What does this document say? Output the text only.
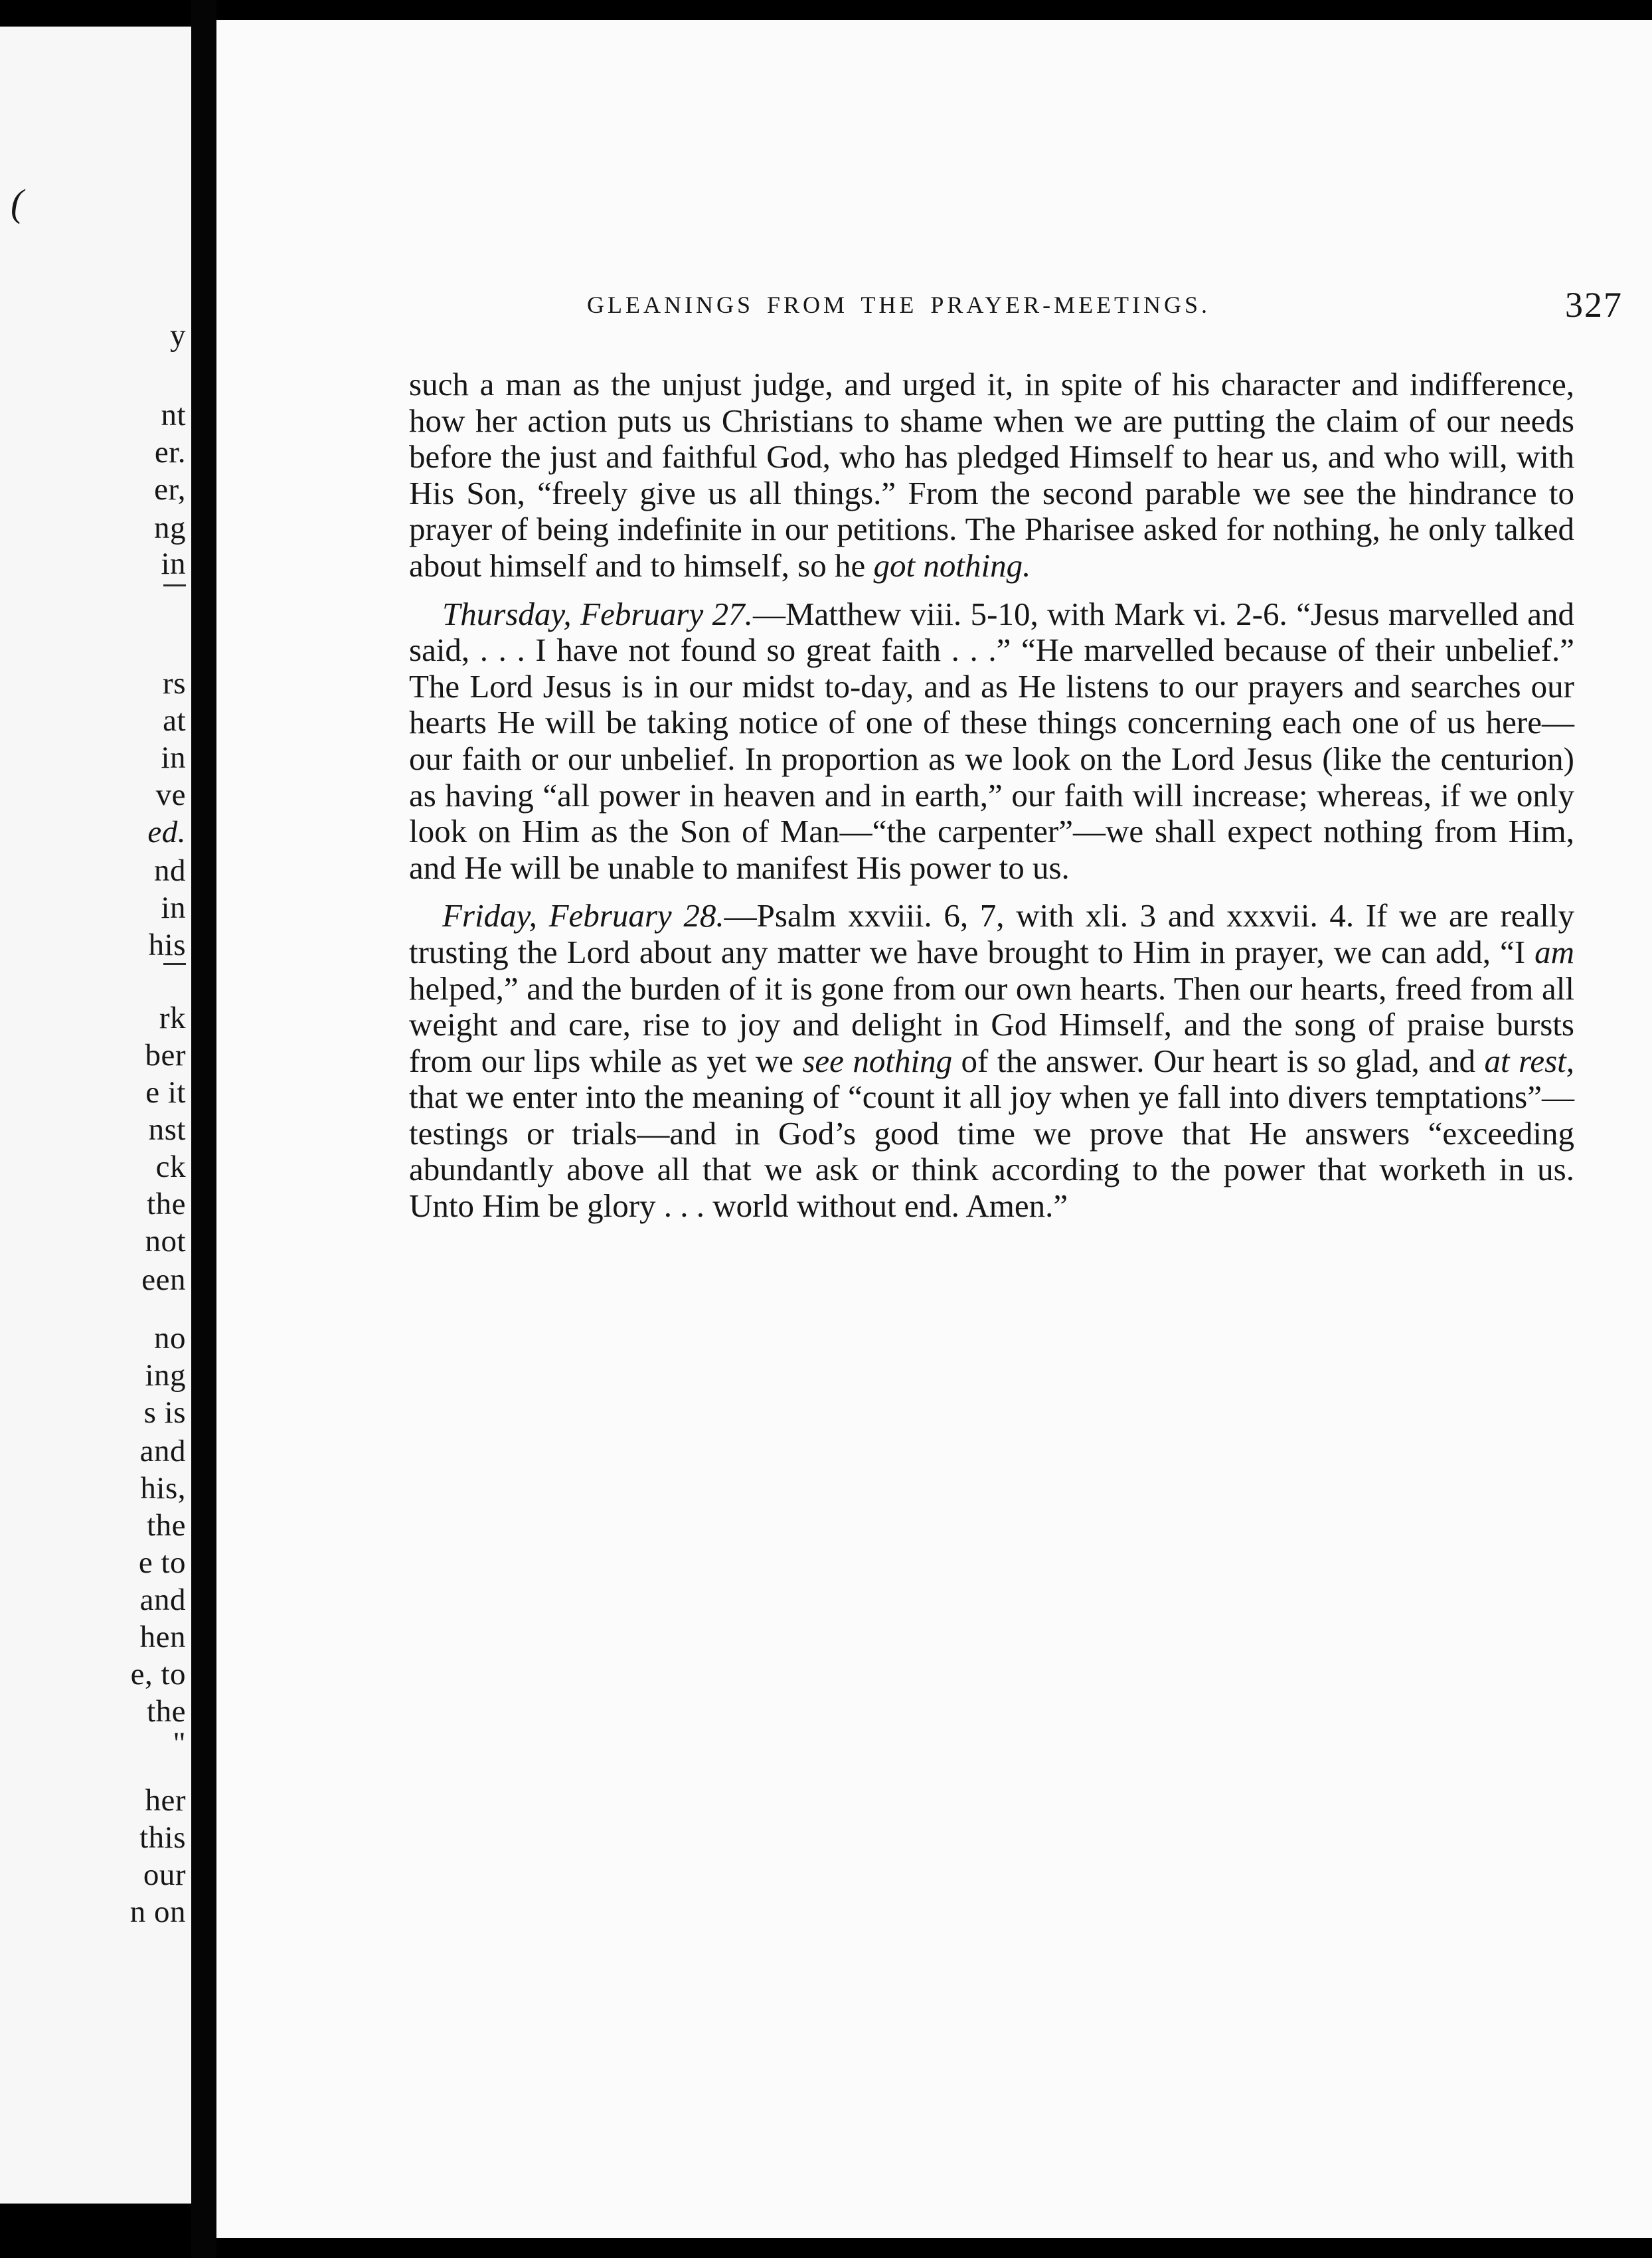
(
y
nt
er.
er,
ng
in
rs
at
in
ve
ed.
nd
in
his
rk
ber
e it
nst
ck
the
not
een
no
ing
s is
and
his,
the
e to
and
hen
e, to
the
"
her
this
our
n on
GLEANINGS FROM THE PRAYER-MEETINGS.	327

such a man as the unjust judge, and urged it, in spite of his character and indifference, how her action puts us Christians to shame when we are putting the claim of our needs before the just and faithful God, who has pledged Himself to hear us, and who will, with His Son, “freely give us all things.” From the second parable we see the hindrance to prayer of being indefinite in our petitions. The Pharisee asked for nothing, he only talked about himself and to himself, so he got nothing.

Thursday, February 27.—Matthew viii. 5-10, with Mark vi. 2-6. “Jesus marvelled and said, . . . I have not found so great faith . . .” “He marvelled because of their unbelief.” The Lord Jesus is in our midst to-day, and as He listens to our prayers and searches our hearts He will be taking notice of one of these things concerning each one of us here—our faith or our unbelief. In proportion as we look on the Lord Jesus (like the centurion) as having “all power in heaven and in earth,” our faith will increase; whereas, if we only look on Him as the Son of Man—“the carpenter”—we shall expect nothing from Him, and He will be unable to manifest His power to us.

Friday, February 28.—Psalm xxviii. 6, 7, with xli. 3 and xxxvii. 4. If we are really trusting the Lord about any matter we have brought to Him in prayer, we can add, “I am helped,” and the burden of it is gone from our own hearts. Then our hearts, freed from all weight and care, rise to joy and delight in God Himself, and the song of praise bursts from our lips while as yet we see nothing of the answer. Our heart is so glad, and at rest, that we enter into the meaning of “count it all joy when ye fall into divers temptations”—testings or trials—and in God’s good time we prove that He answers “exceeding abundantly above all that we ask or think according to the power that worketh in us. Unto Him be glory . . . world without end. Amen.”
